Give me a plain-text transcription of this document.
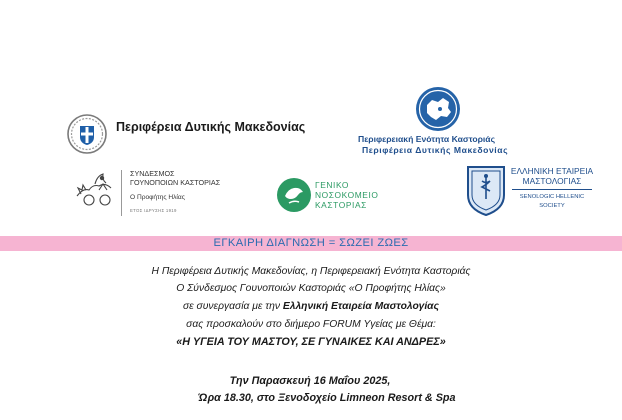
Περιφέρεια Δυτικής Μακεδονίας
Περιφερειακή Ενότητα Καστοριάς
Περιφέρεια Δυτικής Μακεδονίας
ΣΥΝΔΕΣΜΟΣ
ΓΟΥΝΟΠΟΙΩΝ ΚΑΣΤΟΡΙΑΣ
Ο Προφήτης Ηλίας
ΕΤΟΣ ΙΔΡΥΣΗΣ 1919
ΓΕΝΙΚΟ
ΝΟΣΟΚΟΜΕΙΟ
ΚΑΣΤΟΡΙΑΣ
ΕΛΛΗΝΙΚΗ ΕΤΑΙΡΕΙΑ
ΜΑΣΤΟΛΟΓΙΑΣ
SENOLOGIC HELLENIC
SOCIETY
ΕΓΚΑΙΡΗ ΔΙΑΓΝΩΣΗ = ΣΩΖΕΙ ΖΩΕΣ
Η Περιφέρεια Δυτικής Μακεδονίας, η Περιφερειακή Ενότητα Καστοριάς
Ο Σύνδεσμος Γουνοποιών Καστοριάς «Ο Προφήτης Ηλίας»
σε συνεργασία με την Ελληνική Εταιρεία Μαστολογίας
σας προσκαλούν στο διήμερο FORUM Υγείας με Θέμα:
«Η ΥΓΕΙΑ ΤΟΥ ΜΑΣΤΟΥ, ΣΕ ΓΥΝΑΙΚΕΣ ΚΑΙ ΑΝΔΡΕΣ»
Την Παρασκευή 16 Μαΐου 2025,
Ώρα 18.30, στο Ξενοδοχείο Limneon Resort & Spa
